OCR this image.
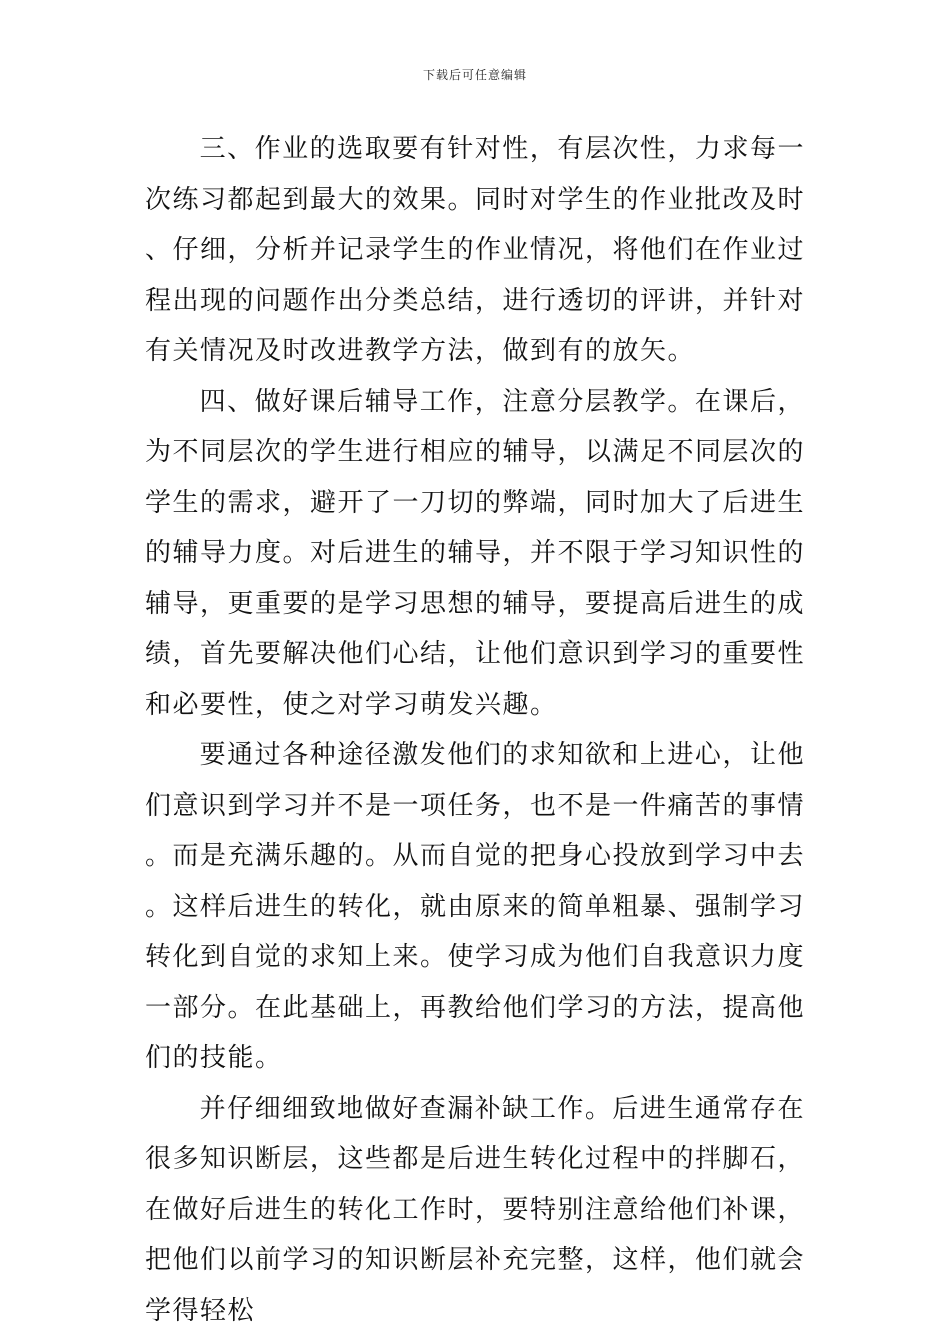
下载后可任意编辑

三、作业的选取要有针对性，有层次性，力求每一次练习都起到最大的效果。同时对学生的作业批改及时、仔细，分析并记录学生的作业情况，将他们在作业过程出现的问题作出分类总结，进行透切的评讲，并针对有关情况及时改进教学方法，做到有的放矢。

四、做好课后辅导工作，注意分层教学。在课后，为不同层次的学生进行相应的辅导，以满足不同层次的学生的需求，避开了一刀切的弊端，同时加大了后进生的辅导力度。对后进生的辅导，并不限于学习知识性的辅导，更重要的是学习思想的辅导，要提高后进生的成绩，首先要解决他们心结，让他们意识到学习的重要性和必要性，使之对学习萌发兴趣。

要通过各种途径激发他们的求知欲和上进心，让他们意识到学习并不是一项任务，也不是一件痛苦的事情。而是充满乐趣的。从而自觉的把身心投放到学习中去。这样后进生的转化，就由原来的简单粗暴、强制学习转化到自觉的求知上来。使学习成为他们自我意识力度一部分。在此基础上，再教给他们学习的方法，提高他们的技能。

并仔细细致地做好查漏补缺工作。后进生通常存在很多知识断层，这些都是后进生转化过程中的拌脚石，在做好后进生的转化工作时，要特别注意给他们补课，把他们以前学习的知识断层补充完整，这样，他们就会学得轻松
